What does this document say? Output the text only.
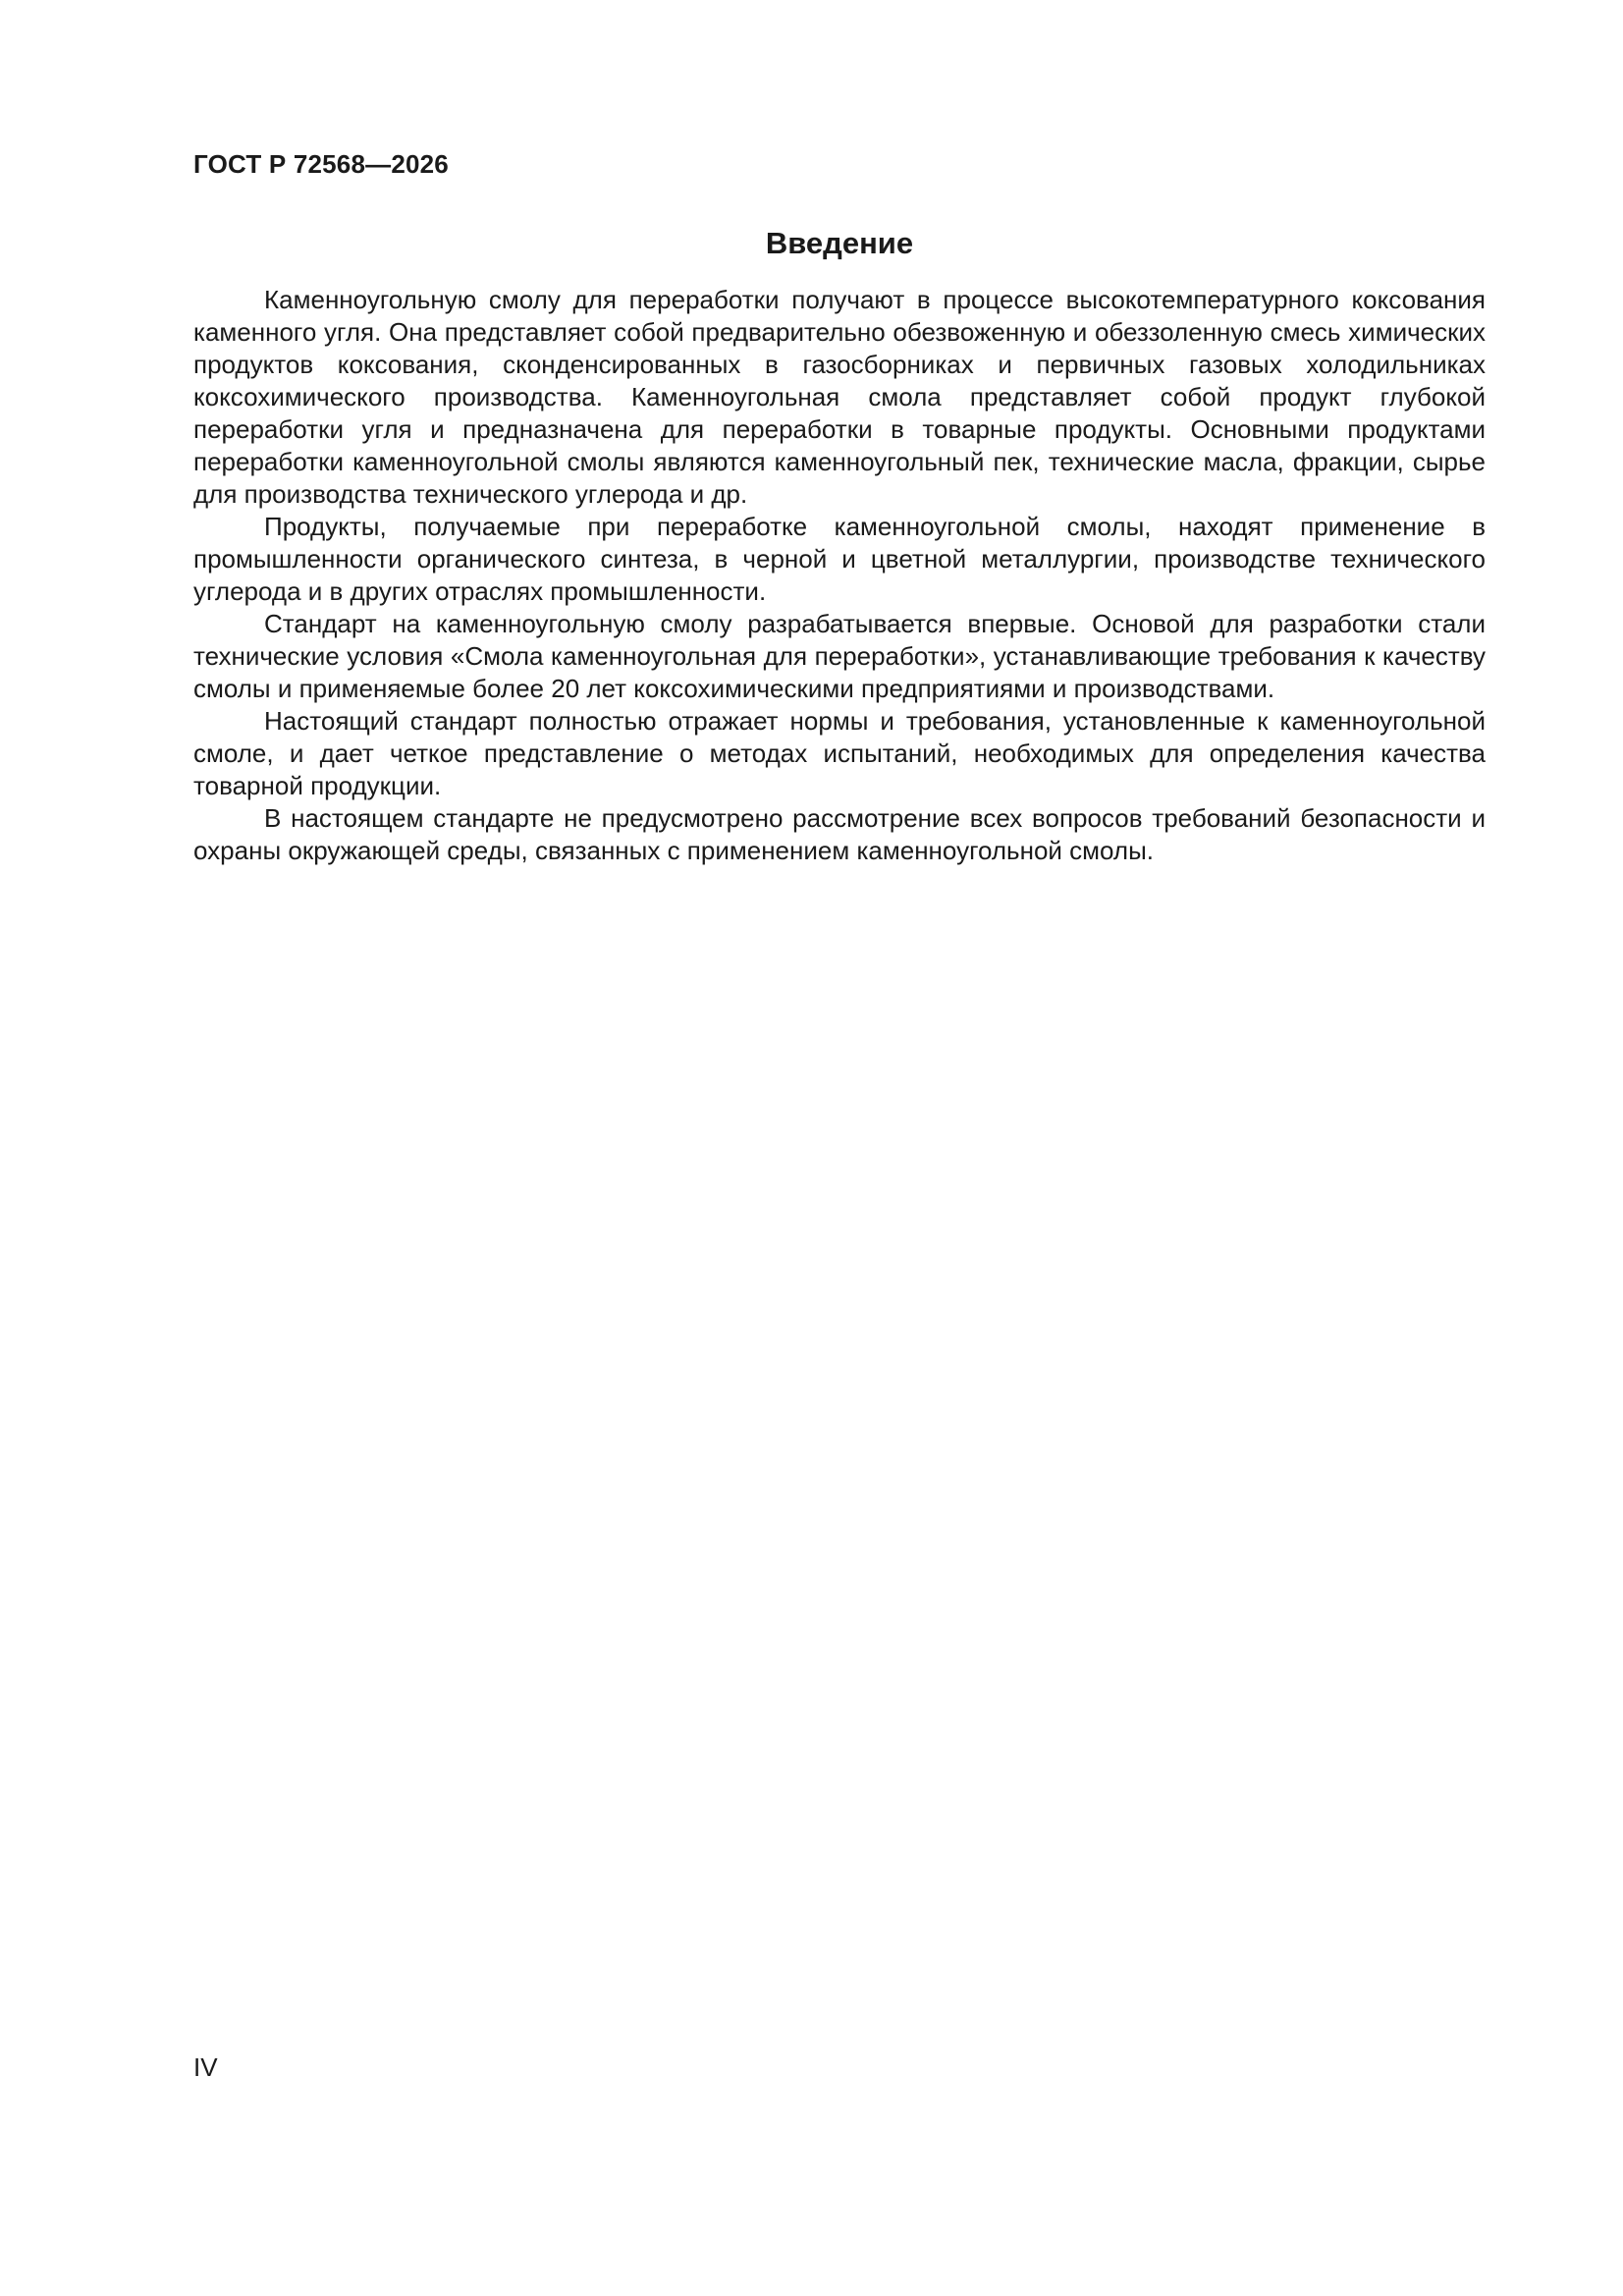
ГОСТ Р 72568—2026
Введение

Каменноугольную смолу для переработки получают в процессе высокотемпературного коксования каменного угля. Она представляет собой предварительно обезвоженную и обеззоленную смесь химических продуктов коксования, сконденсированных в газосборниках и первичных газовых холодильниках коксохимического производства. Каменноугольная смола представляет собой продукт глубокой переработки угля и предназначена для переработки в товарные продукты. Основными продуктами переработки каменноугольной смолы являются каменноугольный пек, технические масла, фракции, сырье для производства технического углерода и др.

Продукты, получаемые при переработке каменноугольной смолы, находят применение в промышленности органического синтеза, в черной и цветной металлургии, производстве технического углерода и в других отраслях промышленности.

Стандарт на каменноугольную смолу разрабатывается впервые. Основой для разработки стали технические условия «Смола каменноугольная для переработки», устанавливающие требования к качеству смолы и применяемые более 20 лет коксохимическими предприятиями и производствами.

Настоящий стандарт полностью отражает нормы и требования, установленные к каменноугольной смоле, и дает четкое представление о методах испытаний, необходимых для определения качества товарной продукции.

В настоящем стандарте не предусмотрено рассмотрение всех вопросов требований безопасности и охраны окружающей среды, связанных с применением каменноугольной смолы.

IV
